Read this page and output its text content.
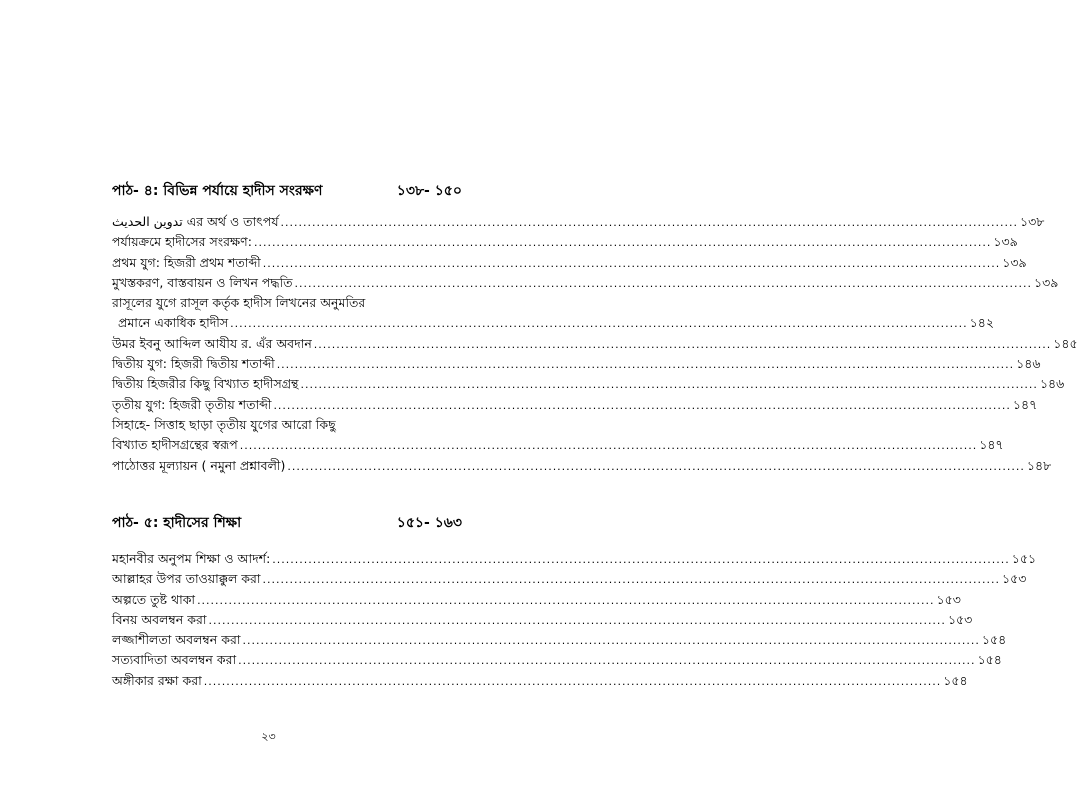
পাঠ- ৪: বিভিন্ন পর্যায়ে হাদীস সংরক্ষণ	১৩৮- ১৫০
تدوين الحديث এর অর্থ ও তাৎপর্য .....	১৩৮
পর্যায়ক্রমে হাদীসের সংরক্ষণ: .....	১৩৯
প্রথম যুগ: হিজরী প্রথম শতাব্দী .....	১৩৯
মুখস্তকরণ, বাস্তবায়ন ও লিখন পদ্ধতি .....	১৩৯
রাসূলের যুগে রাসূল কর্তৃক হাদীস লিখনের অনুমতির
প্রমানে একাধিক হাদীস .....	১৪২
উমর ইবনু আব্দিল আযীয র. এঁর অবদান .....	১৪৫
দ্বিতীয় যুগ: হিজরী দ্বিতীয় শতাব্দী .....	১৪৬
দ্বিতীয় হিজরীর কিছু বিখ্যাত হাদীসগ্রন্থ .....	১৪৬
তৃতীয় যুগ: হিজরী তৃতীয় শতাব্দী .....	১৪৭
সিহাহে- সিত্তাহ ছাড়া তৃতীয় যুগের আরো কিছু
বিখ্যাত হাদীসগ্রন্থের স্বরূপ .....	১৪৭
পাঠোত্তর মূল্যায়ন ( নমুনা প্রশ্নাবলী) .....	১৪৮
পাঠ- ৫: হাদীসের শিক্ষা	১৫১- ১৬৩
মহানবীর অনুপম শিক্ষা ও আদর্শ: .....	১৫১
আল্লাহর উপর তাওয়াক্কুল করা .....	১৫৩
অল্পতে তুষ্ট থাকা .....	১৫৩
বিনয় অবলম্বন করা .....	১৫৩
লজ্জাশীলতা অবলম্বন করা .....	১৫৪
সত্যবাদিতা অবলম্বন করা .....	১৫৪
অঙ্গীকার রক্ষা করা .....	১৫৪
২৩
